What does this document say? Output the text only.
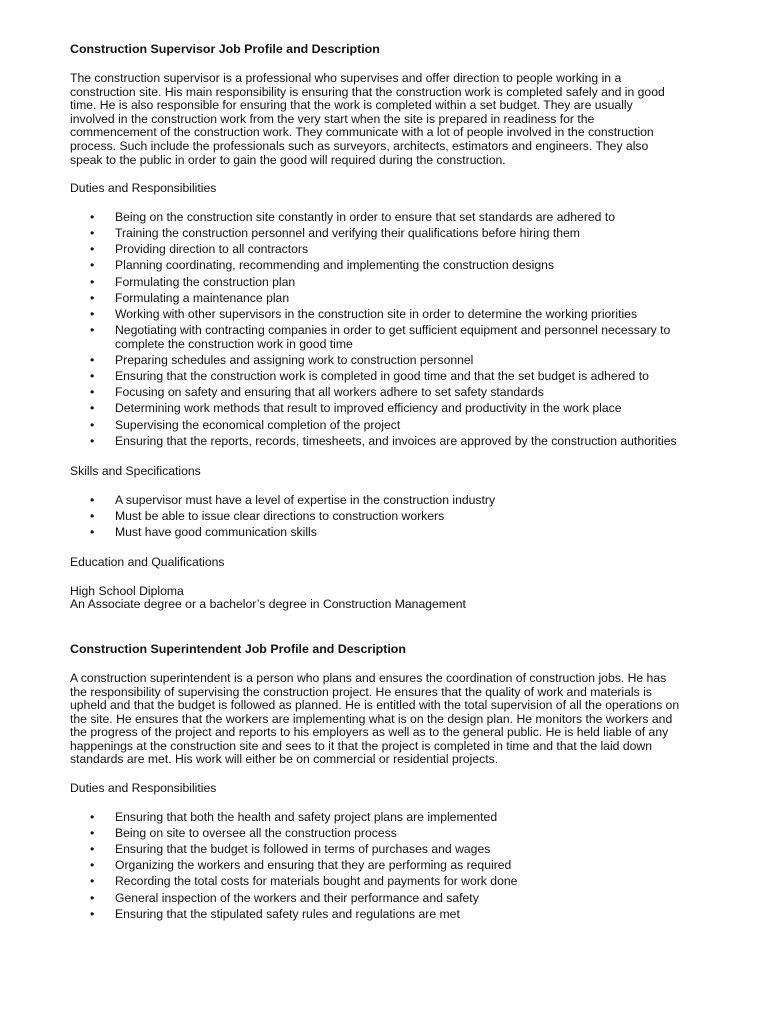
Construction Supervisor Job Profile and Description

The construction supervisor is a professional who supervises and offer direction to people working in a construction site. His main responsibility is ensuring that the construction work is completed safely and in good time. He is also responsible for ensuring that the work is completed within a set budget. They are usually involved in the construction work from the very start when the site is prepared in readiness for the commencement of the construction work. They communicate with a lot of people involved in the construction process. Such include the professionals such as surveyors, architects, estimators and engineers. They also speak to the public in order to gain the good will required during the construction.

Duties and Responsibilities

• Being on the construction site constantly in order to ensure that set standards are adhered to
• Training the construction personnel and verifying their qualifications before hiring them
• Providing direction to all contractors
• Planning coordinating, recommending and implementing the construction designs
• Formulating the construction plan
• Formulating a maintenance plan
• Working with other supervisors in the construction site in order to determine the working priorities
• Negotiating with contracting companies in order to get sufficient equipment and personnel necessary to complete the construction work in good time
• Preparing schedules and assigning work to construction personnel
• Ensuring that the construction work is completed in good time and that the set budget is adhered to
• Focusing on safety and ensuring that all workers adhere to set safety standards
• Determining work methods that result to improved efficiency and productivity in the work place
• Supervising the economical completion of the project
• Ensuring that the reports, records, timesheets, and invoices are approved by the construction authorities

Skills and Specifications

• A supervisor must have a level of expertise in the construction industry
• Must be able to issue clear directions to construction workers
• Must have good communication skills

Education and Qualifications

High School Diploma

An Associate degree or a bachelor’s degree in Construction Management

Construction Superintendent Job Profile and Description

A construction superintendent is a person who plans and ensures the coordination of construction jobs. He has the responsibility of supervising the construction project. He ensures that the quality of work and materials is upheld and that the budget is followed as planned. He is entitled with the total supervision of all the operations on the site. He ensures that the workers are implementing what is on the design plan. He monitors the workers and the progress of the project and reports to his employers as well as to the general public. He is held liable of any happenings at the construction site and sees to it that the project is completed in time and that the laid down standards are met. His work will either be on commercial or residential projects.

Duties and Responsibilities

• Ensuring that both the health and safety project plans are implemented
• Being on site to oversee all the construction process
• Ensuring that the budget is followed in terms of purchases and wages
• Organizing the workers and ensuring that they are performing as required
• Recording the total costs for materials bought and payments for work done
• General inspection of the workers and their performance and safety
• Ensuring that the stipulated safety rules and regulations are met
